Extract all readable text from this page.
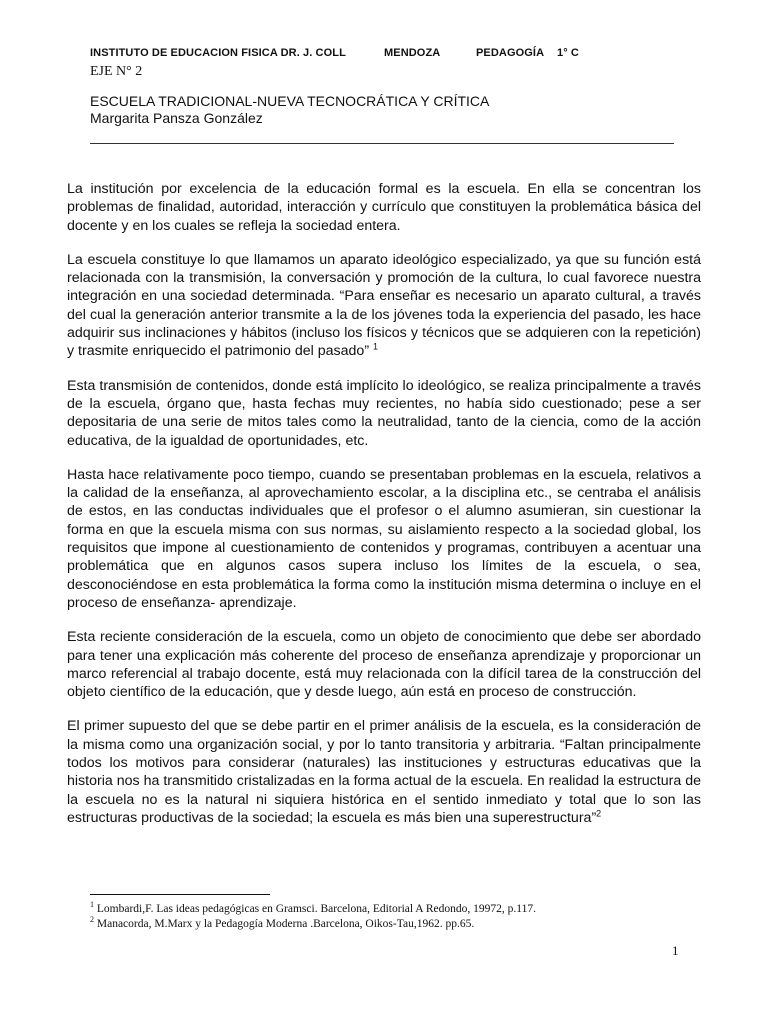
INSTITUTO DE EDUCACION FISICA DR. J. COLL	MENDOZA	PEDAGOGÍA 1° C
EJE N° 2
ESCUELA TRADICIONAL-NUEVA TECNOCRÁTICA Y CRÍTICA
Margarita Pansza González

La institución por excelencia de la educación formal es la escuela. En ella se concentran los problemas de finalidad, autoridad, interacción y currículo que constituyen la problemática básica del docente y en los cuales se refleja la sociedad entera.

La escuela constituye lo que llamamos un aparato ideológico especializado, ya que su función está relacionada con la transmisión, la conversación y promoción de la cultura, lo cual favorece nuestra integración en una sociedad determinada. “Para enseñar es necesario un aparato cultural, a través del cual la generación anterior transmite a la de los jóvenes toda la experiencia del pasado, les hace adquirir sus inclinaciones y hábitos (incluso los físicos y técnicos que se adquieren con la repetición) y trasmite enriquecido el patrimonio del pasado” $^1$

Esta transmisión de contenidos, donde está implícito lo ideológico, se realiza principalmente a través de la escuela, órgano que, hasta fechas muy recientes, no había sido cuestionado; pese a ser depositaria de una serie de mitos tales como la neutralidad, tanto de la ciencia, como de la acción educativa, de la igualdad de oportunidades, etc.

Hasta hace relativamente poco tiempo, cuando se presentaban problemas en la escuela, relativos a la calidad de la enseñanza, al aprovechamiento escolar, a la disciplina etc., se centraba el análisis de estos, en las conductas individuales que el profesor o el alumno asumieran, sin cuestionar la forma en que la escuela misma con sus normas, su aislamiento respecto a la sociedad global, los requisitos que impone al cuestionamiento de contenidos y programas, contribuyen a acentuar una problemática que en algunos casos supera incluso los límites de la escuela, o sea, desconociéndose en esta problemática la forma como la institución misma determina o incluye en el proceso de enseñanza- aprendizaje.

Esta reciente consideración de la escuela, como un objeto de conocimiento que debe ser abordado para tener una explicación más coherente del proceso de enseñanza aprendizaje y proporcionar un marco referencial al trabajo docente, está muy relacionada con la difícil tarea de la construcción del objeto científico de la educación, que y desde luego, aún está en proceso de construcción.

El primer supuesto del que se debe partir en el primer análisis de la escuela, es la consideración de la misma como una organización social, y por lo tanto transitoria y arbitraria. “Faltan principalmente todos los motivos para considerar (naturales) las instituciones y estructuras educativas que la historia nos ha transmitido cristalizadas en la forma actual de la escuela. En realidad la estructura de la escuela no es la natural ni siquiera histórica en el sentido inmediato y total que lo son las estructuras productivas de la sociedad; la escuela es más bien una superestructura”$^2$

$^1$ Lombardi,F. Las ideas pedagógicas en Gramsci. Barcelona, Editorial A Redondo, 19972, p.117.
$^2$ Manacorda, M.Marx y la Pedagogía Moderna .Barcelona, Oikos-Tau,1962. pp.65.
1
